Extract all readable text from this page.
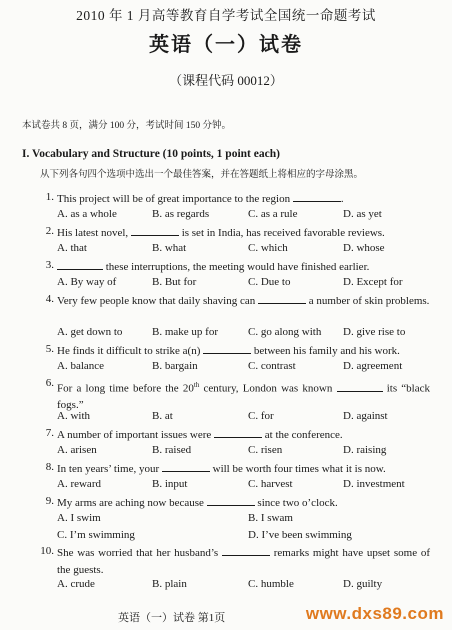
2010 年 1 月高等教育自学考试全国统一命题考试
英语（一）试卷
（课程代码 00012）
本试卷共 8 页，满分 100 分，考试时间 150 分钟。
I. Vocabulary and Structure (10 points, 1 point each)
从下列各句四个选项中选出一个最佳答案，并在答题纸上将相应的字母涂黑。
1. This project will be of great importance to the region	.
A. as a whole	B. as regards	C. as a rule	D. as yet
2. His latest novel,	is set in India, has received favorable reviews.
A. that	B. what	C. which	D. whose
3.	these interruptions, the meeting would have finished earlier.
A. By way of	B. But for	C. Due to	D. Except for
4. Very few people know that daily shaving can	a number of skin problems.
A. get down to	B. make up for	C. go along with D. give rise to
5. He finds it difficult to strike a(n)	between his family and his work.
A. balance	B. bargain	C. contrast	D. agreement
6. For a long time before the 20th century, London was known	its “black fogs.”
A. with	B. at	C. for	D. against
7. A number of important issues were	at the conference.
A. arisen	B. raised	C. risen	D. raising
8. In ten years’ time, your	will be worth four times what it is now.
A. reward	B. input	C. harvest	D. investment
9. My arms are aching now because	since two o’clock.
A. I swim	B. I swam
C. I’m swimming	D. I’ve been swimming
10. She was worried that her husband’s	remarks might have upset some of the guests.
A. crude	B. plain	C. humble	D. guilty
英语（一）试卷 第1页	www.dxs89.com
